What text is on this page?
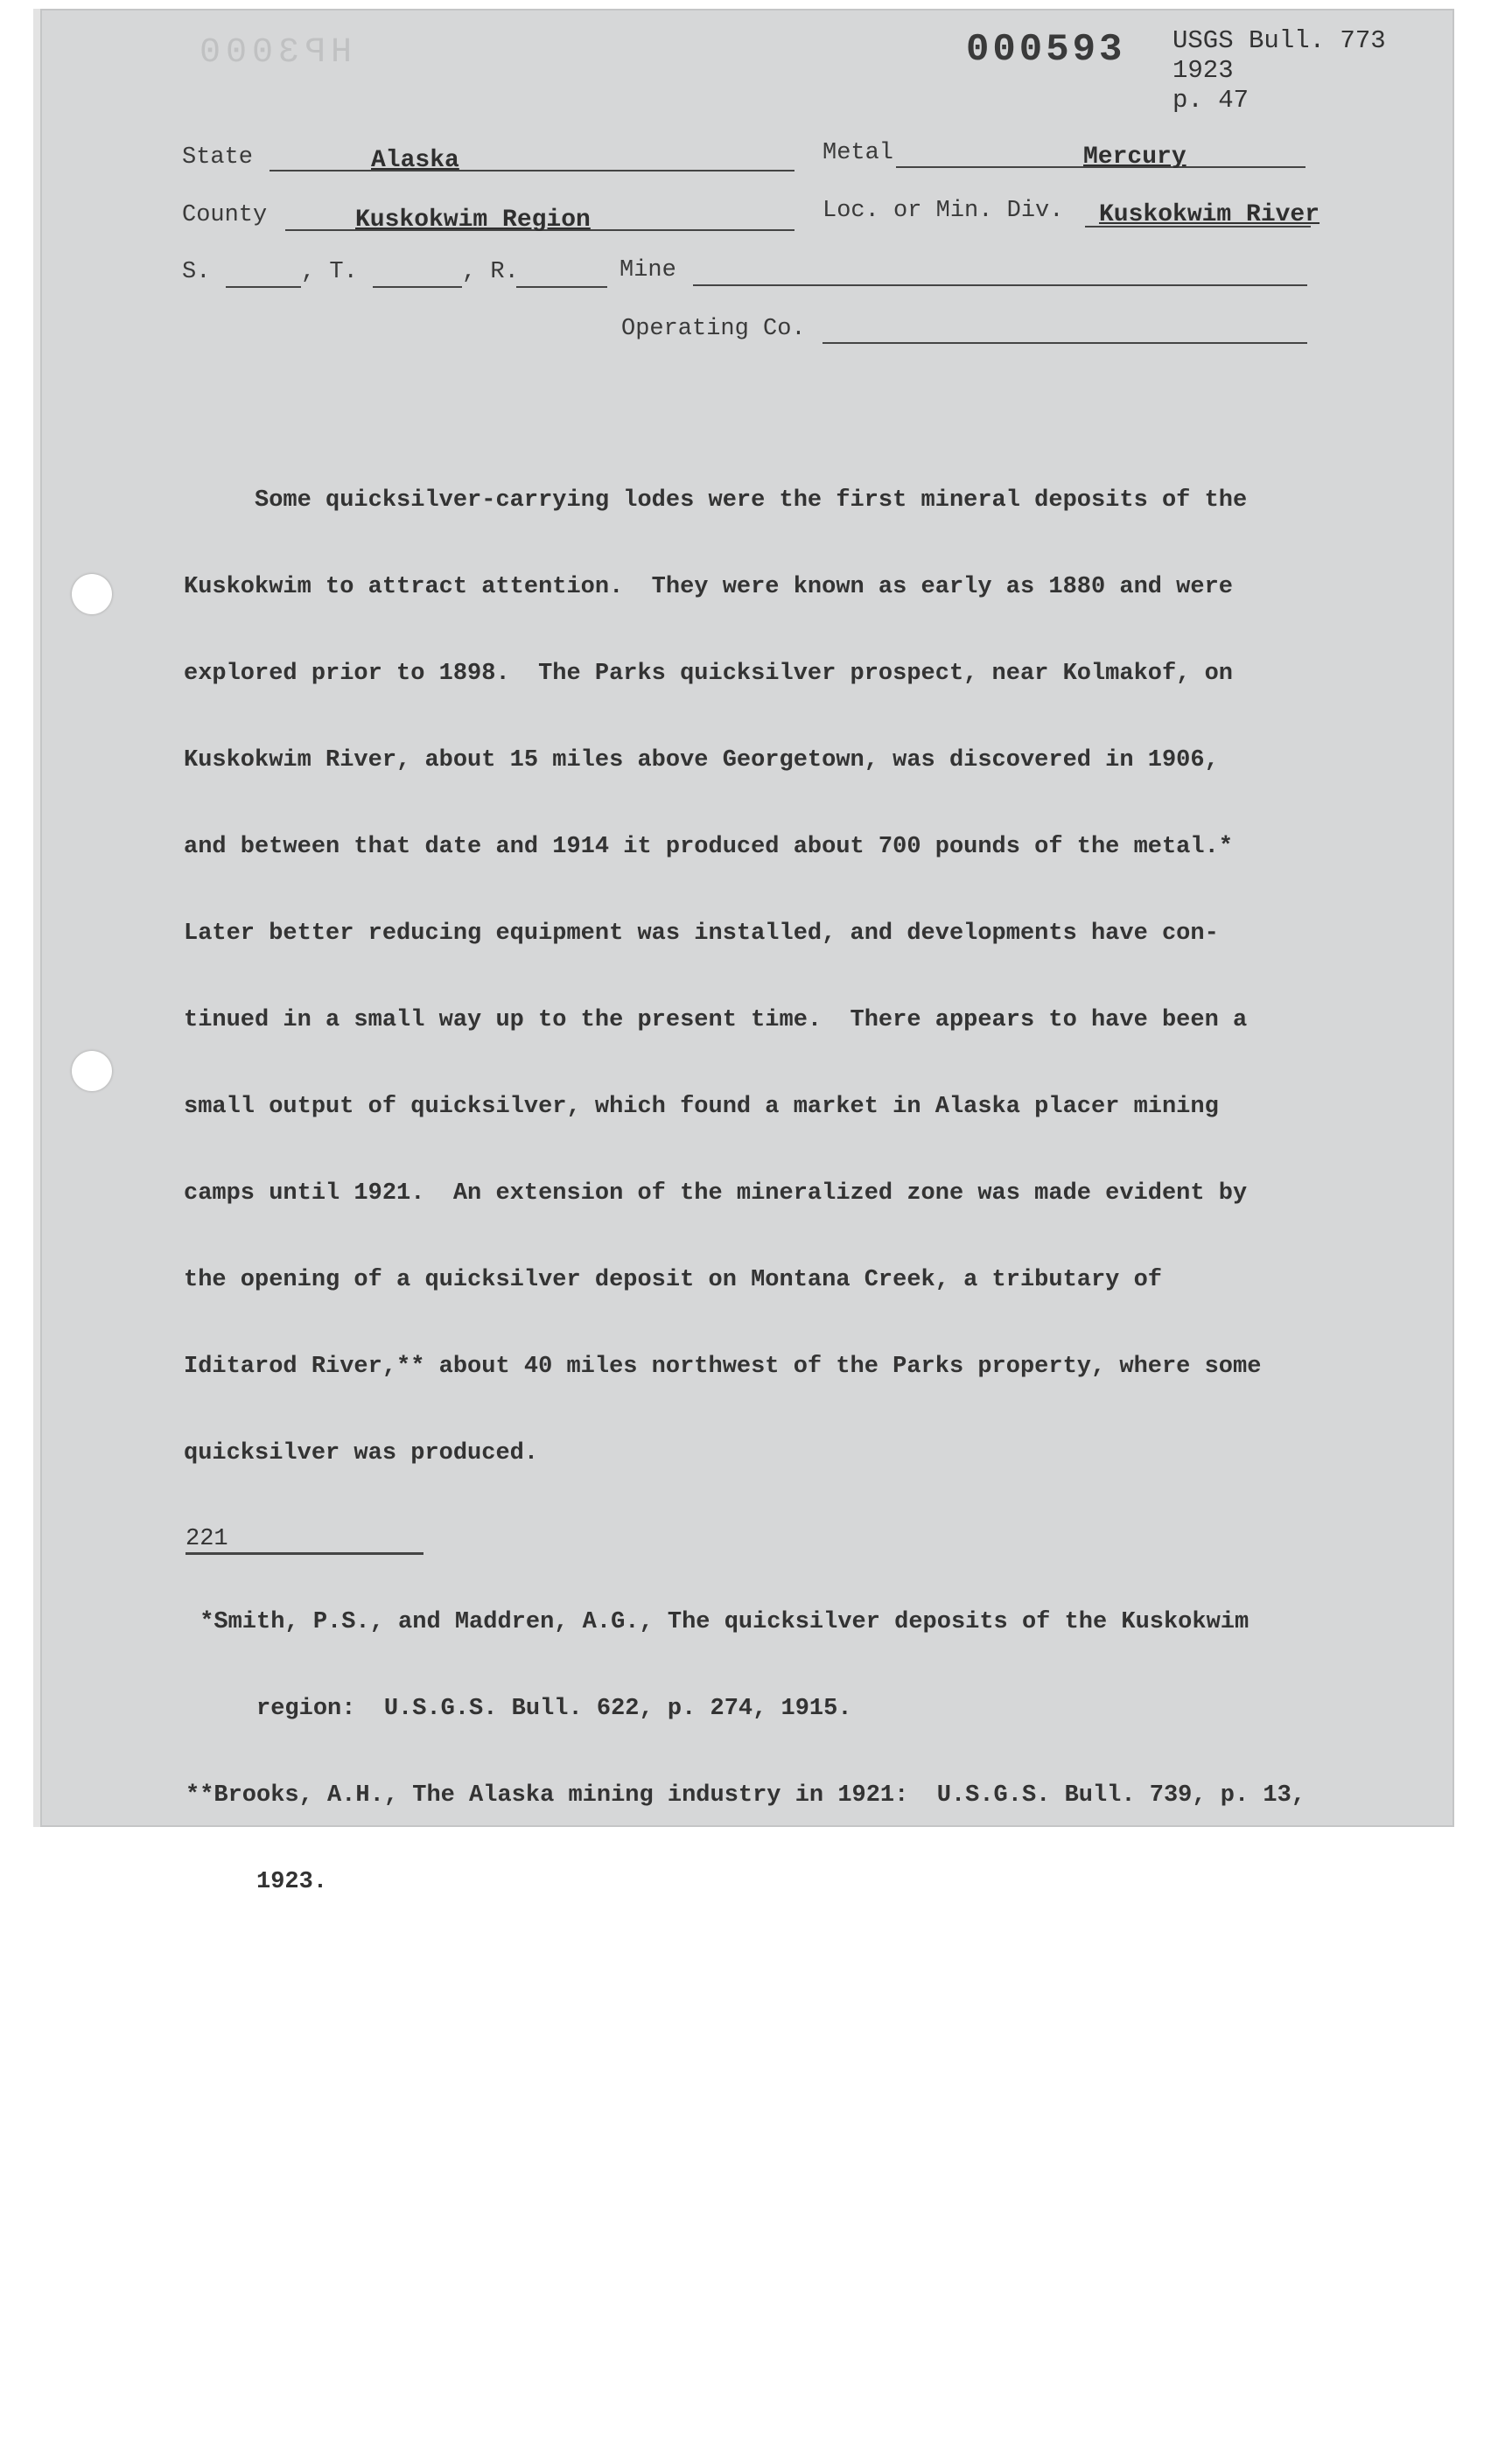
HP3000	000593 USGS Bull. 773
1923
p. 47
State	Alaska	Metal	Mercury
County	Kuskokwim Region	Loc. or Min. Div. Kuskokwim River
S.	, T.	, R.	Mine
Operating Co.

Some quicksilver-carrying lodes were the first mineral deposits of the

Kuskokwim to attract attention.  They were known as early as 1880 and were

explored prior to 1898.  The Parks quicksilver prospect, near Kolmakof, on

Kuskokwim River, about 15 miles above Georgetown, was discovered in 1906,

and between that date and 1914 it produced about 700 pounds of the metal.*

Later better reducing equipment was installed, and developments have con-

tinued in a small way up to the present time.  There appears to have been a

small output of quicksilver, which found a market in Alaska placer mining

camps until 1921.  An extension of the mineralized zone was made evident by

the opening of a quicksilver deposit on Montana Creek, a tributary of

Iditarod River,** about 40 miles northwest of the Parks property, where some

quicksilver was produced.

221

*Smith, P.S., and Maddren, A.G., The quicksilver deposits of the Kuskokwim

region:  U.S.G.S. Bull. 622, p. 274, 1915.

**Brooks, A.H., The Alaska mining industry in 1921:  U.S.G.S. Bull. 739, p. 13,

1923.
